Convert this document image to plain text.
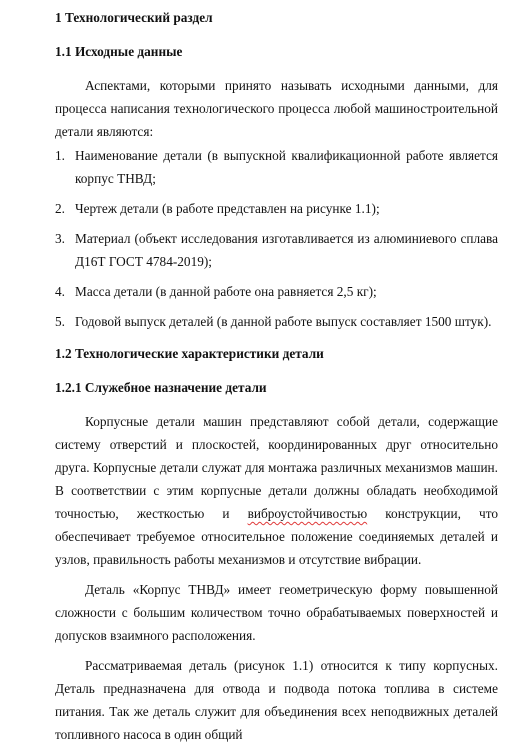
1 Технологический раздел
1.1 Исходные данные

Аспектами, которыми принято называть исходными данными, для процесса написания технологического процесса любой машиностроительной детали являются:

1. Наименование детали (в выпускной квалификационной работе является корпус ТНВД;
2. Чертеж детали (в работе представлен на рисунке 1.1);
3. Материал (объект исследования изготавливается из алюминиевого сплава Д16Т ГОСТ 4784-2019);
4. Масса детали (в данной работе она равняется 2,5 кг);
5. Годовой выпуск деталей (в данной работе выпуск составляет 1500 штук).
1.2 Технологические характеристики детали
1.2.1 Служебное назначение детали

Корпусные детали машин представляют собой детали, содержащие систему отверстий и плоскостей, координированных друг относительно друга. Корпусные детали служат для монтажа различных механизмов машин. В соответствии с этим корпусные детали должны обладать необходимой точностью, жесткостью и виброустойчивостью конструкции, что обеспечивает требуемое относительное положение соединяемых деталей и узлов, правильность работы механизмов и отсутствие вибрации.

Деталь «Корпус ТНВД» имеет геометрическую форму повышенной сложности с большим количеством точно обрабатываемых поверхностей и допусков взаимного расположения.

Рассматриваемая деталь (рисунок 1.1) относится к типу корпусных. Деталь предназначена для отвода и подвода потока топлива в системе питания. Так же деталь служит для объединения всех неподвижных деталей топливного насоса в один общий
